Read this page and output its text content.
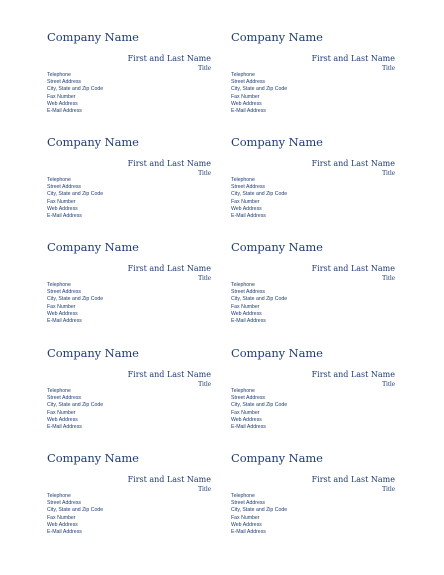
Company Name
First and Last Name
Title
Telephone
Street Address
City, State and Zip Code
Fax Number
Web Address
E-Mail Address
Company Name
First and Last Name
Title
Telephone
Street Address
City, State and Zip Code
Fax Number
Web Address
E-Mail Address
Company Name
First and Last Name
Title
Telephone
Street Address
City, State and Zip Code
Fax Number
Web Address
E-Mail Address
Company Name
First and Last Name
Title
Telephone
Street Address
City, State and Zip Code
Fax Number
Web Address
E-Mail Address
Company Name
First and Last Name
Title
Telephone
Street Address
City, State and Zip Code
Fax Number
Web Address
E-Mail Address
Company Name
First and Last Name
Title
Telephone
Street Address
City, State and Zip Code
Fax Number
Web Address
E-Mail Address
Company Name
First and Last Name
Title
Telephone
Street Address
City, State and Zip Code
Fax Number
Web Address
E-Mail Address
Company Name
First and Last Name
Title
Telephone
Street Address
City, State and Zip Code
Fax Number
Web Address
E-Mail Address
Company Name
First and Last Name
Title
Telephone
Street Address
City, State and Zip Code
Fax Number
Web Address
E-Mail Address
Company Name
First and Last Name
Title
Telephone
Street Address
City, State and Zip Code
Fax Number
Web Address
E-Mail Address
